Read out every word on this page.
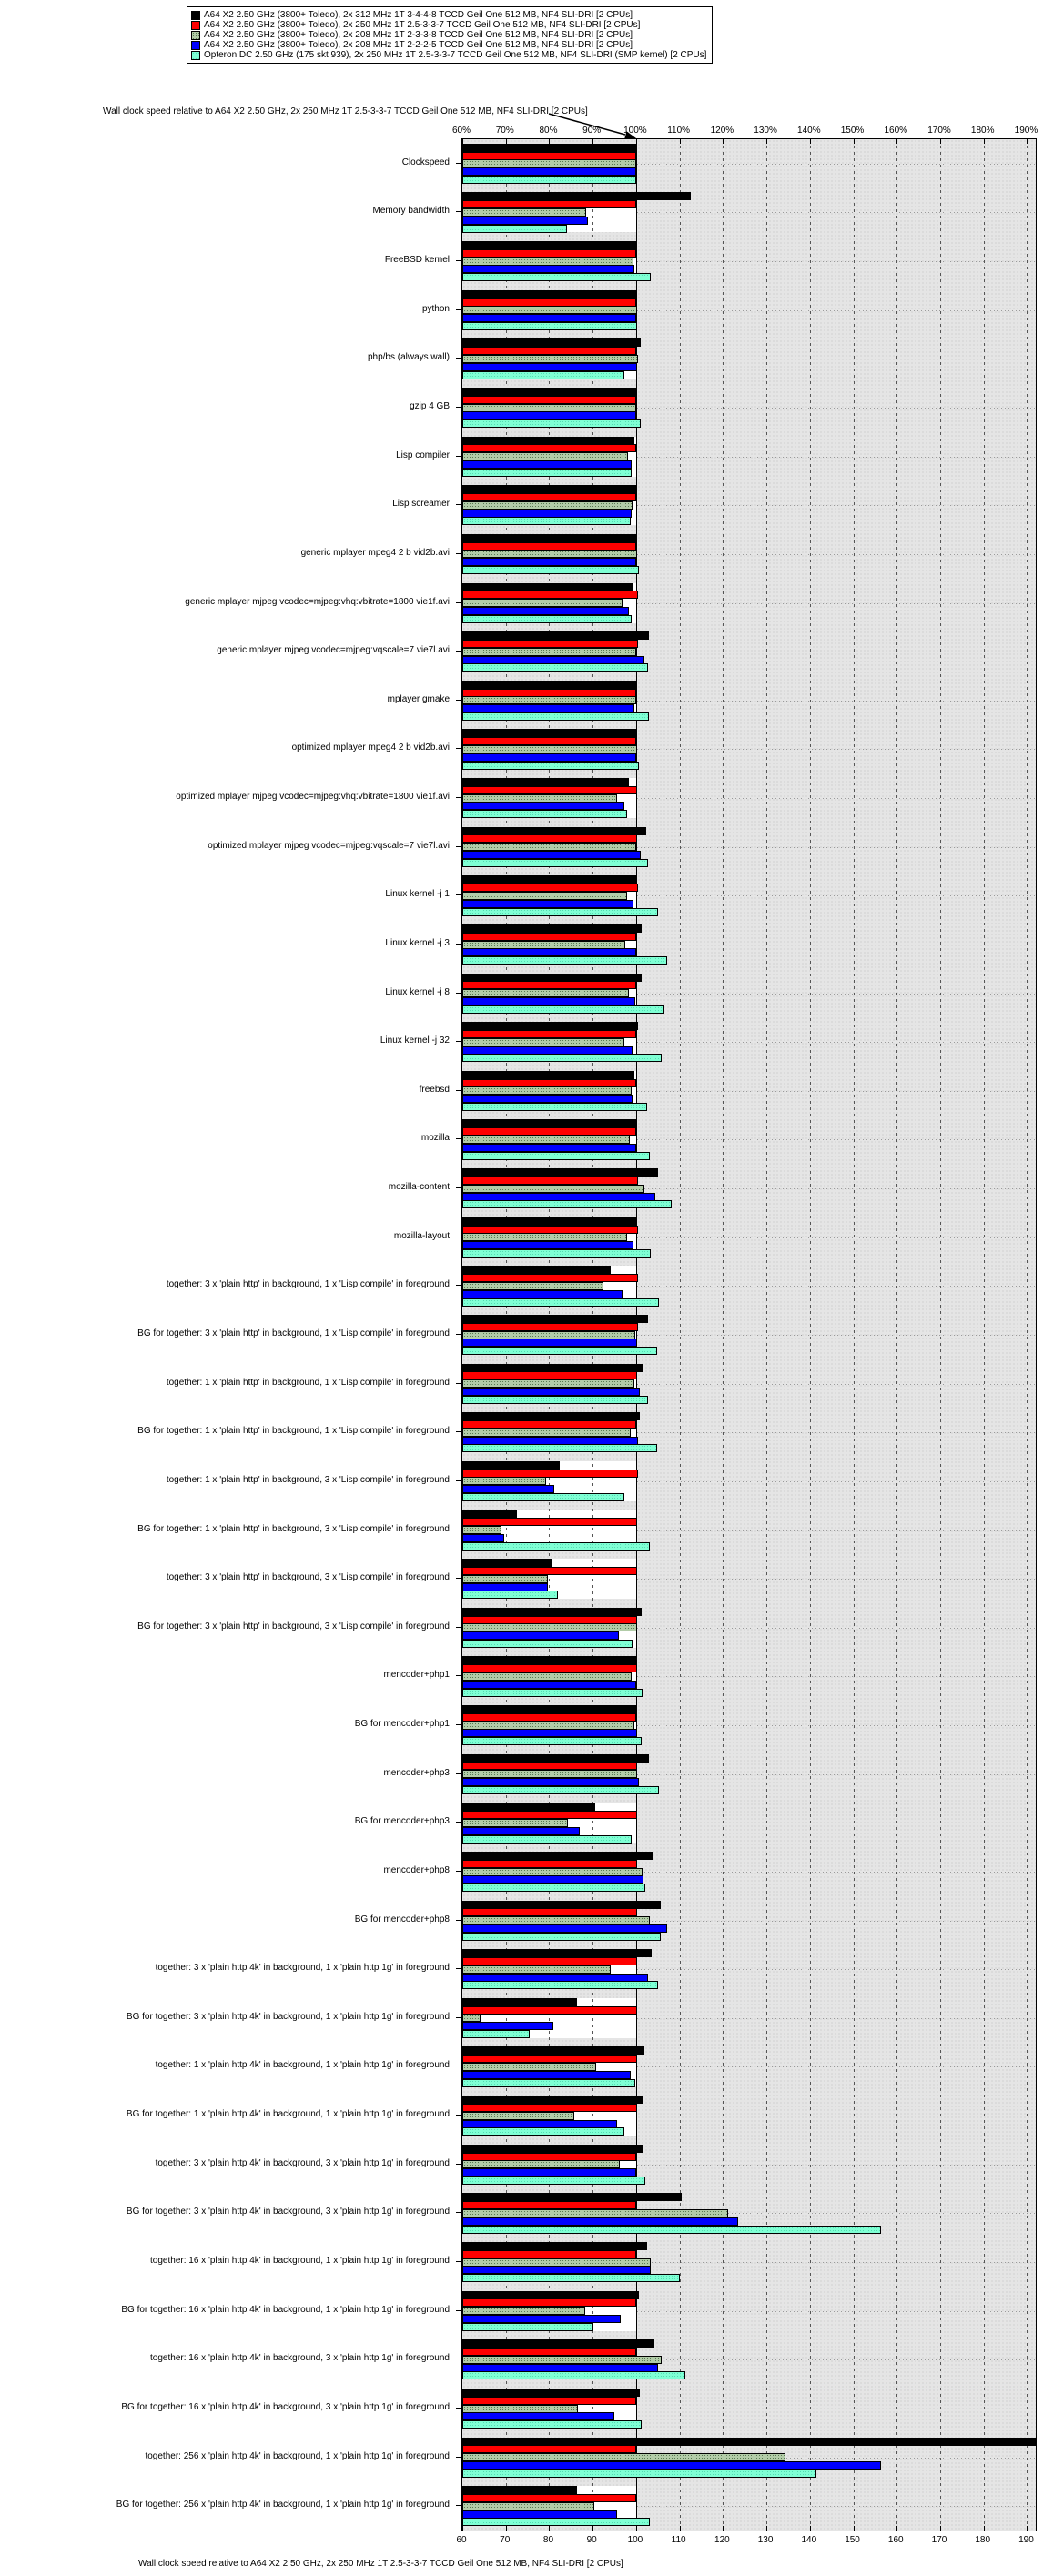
A64 X2 2.50 GHz (3800+ Toledo), 2x 312 MHz 1T 3-4-4-8 TCCD Geil One 512 MB, NF4 SLI-DRI [2 CPUs]
A64 X2 2.50 GHz (3800+ Toledo), 2x 250 MHz 1T 2.5-3-3-7 TCCD Geil One 512 MB, NF4 SLI-DRI [2 CPUs]
A64 X2 2.50 GHz (3800+ Toledo), 2x 208 MHz 1T 2-3-3-8 TCCD Geil One 512 MB, NF4 SLI-DRI [2 CPUs]
A64 X2 2.50 GHz (3800+ Toledo), 2x 208 MHz 1T 2-2-2-5 TCCD Geil One 512 MB, NF4 SLI-DRI [2 CPUs]
Opteron DC 2.50 GHz (175 skt 939), 2x 250 MHz 1T 2.5-3-3-7 TCCD Geil One 512 MB, NF4 SLI-DRI (SMP kernel) [2 CPUs]
Wall clock speed relative to A64 X2 2.50 GHz, 2x 250 MHz 1T 2.5-3-3-7 TCCD Geil One 512 MB, NF4 SLI-DRI [2 CPUs]
60%	70%	80%	90% 100% 110% 120% 130% 140% 150% 160% 170% 180% 190%
Clockspeed
Memory bandwidth
FreeBSD kernel
python
php/bs (always wall)
gzip 4 GB
Lisp compiler
Lisp screamer
generic mplayer mpeg4 2 b vid2b.avi
generic mplayer mjpeg vcodec=mjpeg:vhq:vbitrate=1800 vie1f.avi
generic mplayer mjpeg vcodec=mjpeg:vqscale=7 vie7l.avi
mplayer gmake
optimized mplayer mpeg4 2 b vid2b.avi
optimized mplayer mjpeg vcodec=mjpeg:vhq:vbitrate=1800 vie1f.avi
optimized mplayer mjpeg vcodec=mjpeg:vqscale=7 vie7l.avi
Linux kernel -j 1
Linux kernel -j 3
Linux kernel -j 8
Linux kernel -j 32
freebsd
mozilla
mozilla-content
mozilla-layout
together: 3 x 'plain http' in background, 1 x 'Lisp compile' in foreground
BG for together: 3 x 'plain http' in background, 1 x 'Lisp compile' in foreground
together: 1 x 'plain http' in background, 1 x 'Lisp compile' in foreground
BG for together: 1 x 'plain http' in background, 1 x 'Lisp compile' in foreground
together: 1 x 'plain http' in background, 3 x 'Lisp compile' in foreground
BG for together: 1 x 'plain http' in background, 3 x 'Lisp compile' in foreground
together: 3 x 'plain http' in background, 3 x 'Lisp compile' in foreground
BG for together: 3 x 'plain http' in background, 3 x 'Lisp compile' in foreground
mencoder+php1
BG for mencoder+php1
mencoder+php3
BG for mencoder+php3
mencoder+php8
BG for mencoder+php8
together: 3 x 'plain http 4k' in background, 1 x 'plain http 1g' in foreground
BG for together: 3 x 'plain http 4k' in background, 1 x 'plain http 1g' in foreground
together: 1 x 'plain http 4k' in background, 1 x 'plain http 1g' in foreground
BG for together: 1 x 'plain http 4k' in background, 1 x 'plain http 1g' in foreground
together: 3 x 'plain http 4k' in background, 3 x 'plain http 1g' in foreground
BG for together: 3 x 'plain http 4k' in background, 3 x 'plain http 1g' in foreground
together: 16 x 'plain http 4k' in background, 1 x 'plain http 1g' in foreground
BG for together: 16 x 'plain http 4k' in background, 1 x 'plain http 1g' in foreground
together: 16 x 'plain http 4k' in background, 3 x 'plain http 1g' in foreground
BG for together: 16 x 'plain http 4k' in background, 3 x 'plain http 1g' in foreground
together: 256 x 'plain http 4k' in background, 1 x 'plain http 1g' in foreground
BG for together: 256 x 'plain http 4k' in background, 1 x 'plain http 1g' in foreground
60	70	80	90	100	110	120	130	140	150	160	170	180	190
Wall clock speed relative to A64 X2 2.50 GHz, 2x 250 MHz 1T 2.5-3-3-7 TCCD Geil One 512 MB, NF4 SLI-DRI [2 CPUs]
